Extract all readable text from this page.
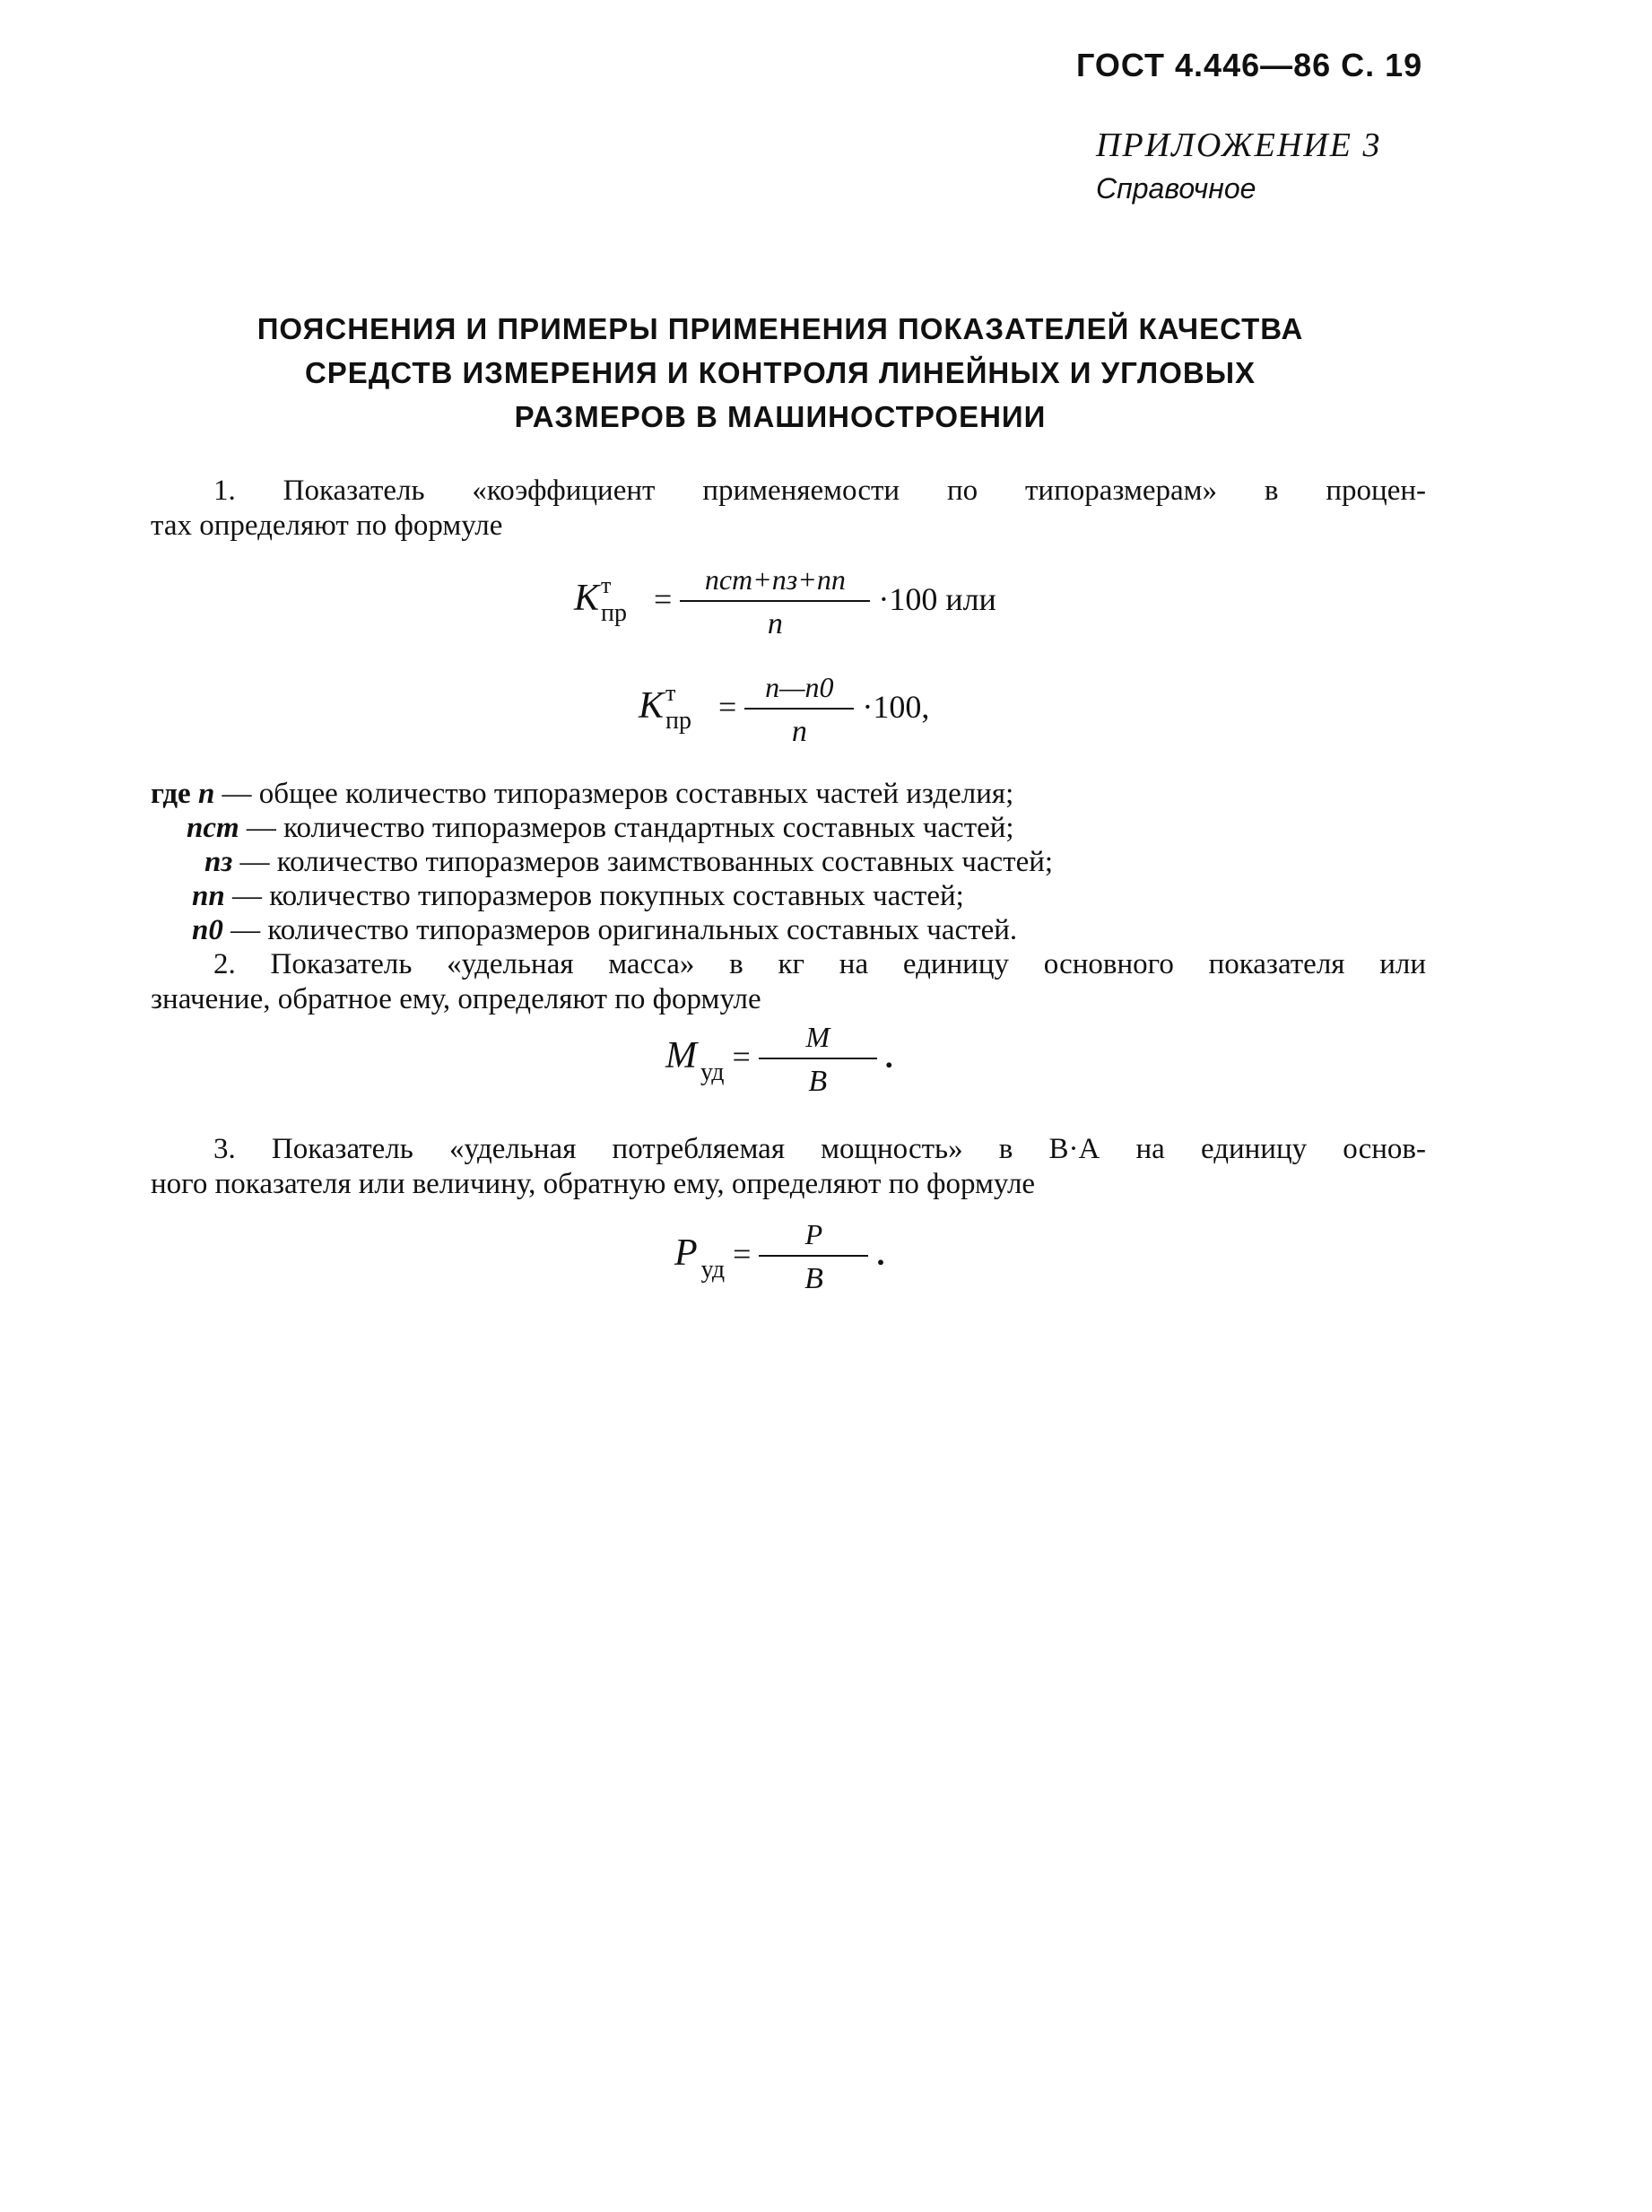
ГОСТ 4.446—86 С. 19
ПРИЛОЖЕНИЕ 3
Справочное
ПОЯСНЕНИЯ И ПРИМЕРЫ ПРИМЕНЕНИЯ ПОКАЗАТЕЛЕЙ КАЧЕСТВА
СРЕДСТВ ИЗМЕРЕНИЯ И КОНТРОЛЯ ЛИНЕЙНЫХ И УГЛОВЫХ
РАЗМЕРОВ В МАШИНОСТРОЕНИИ
1. Показатель «коэффициент применяемости по типоразмерам» в процен-
тах определяют по формуле
K т
пр = $\frac{\text{nст+nз+nп}}{n} \cdot 100$ или
K т
пр = $\frac{n—n0}{n} \cdot 100$,
где n — общее количество типоразмеров составных частей изделия;
nст — количество типоразмеров стандартных составных частей;
nз — количество типоразмеров заимствованных составных частей;
nп — количество типоразмеров покупных составных частей;
n0 — количество типоразмеров оригинальных составных частей.
2. Показатель «удельная масса» в кг на единицу основного показателя или
значение, обратное ему, определяют по формуле
M $_{уд} = \frac{M}{B}$ .
3. Показатель «удельная потребляемая мощность» в В·А на единицу основ-
ного показателя или величину, обратную ему, определяют по формуле
P $_{уд} = \frac{P}{B}$ .
